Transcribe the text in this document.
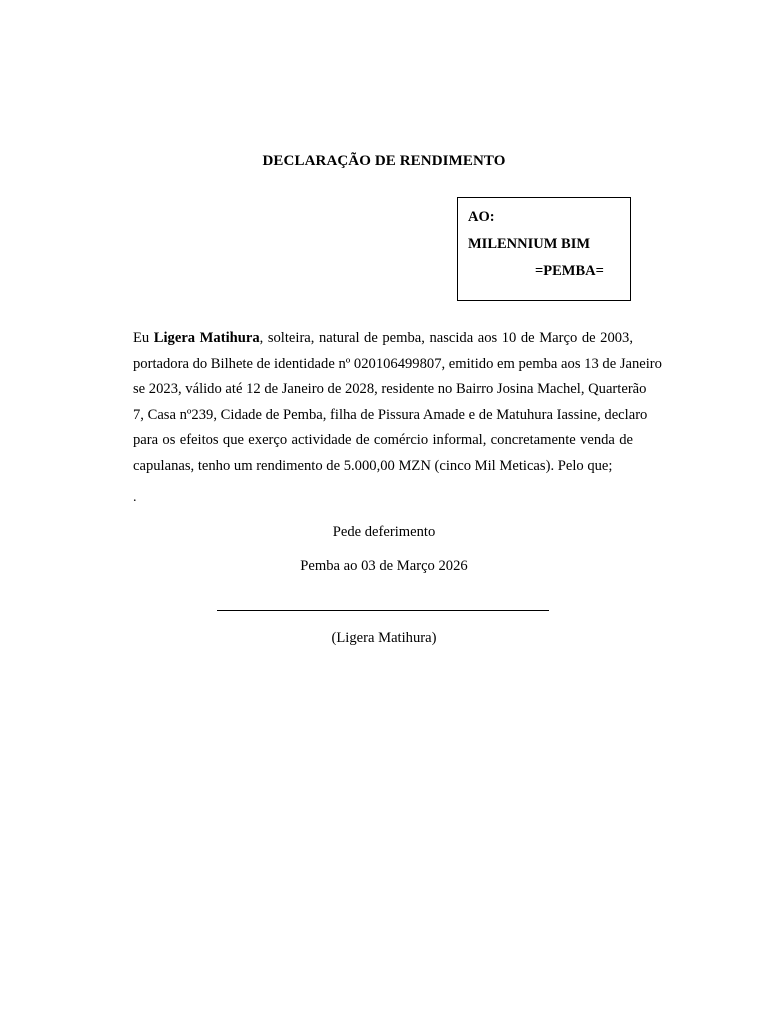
DECLARAÇÃO DE RENDIMENTO
AO:
MILENNIUM BIM
=PEMBA=
Eu Ligera Matihura, solteira, natural de pemba, nascida aos 10 de Março de 2003,
portadora do Bilhete de identidade nº 020106499807, emitido em pemba aos 13 de Janeiro
se 2023, válido até 12 de Janeiro de 2028, residente no Bairro Josina Machel, Quarterão
7, Casa nº239, Cidade de Pemba, filha de Pissura Amade e de Matuhura Iassine, declaro
para os efeitos que exerço actividade de comércio informal, concretamente venda de
capulanas, tenho um rendimento de 5.000,00 MZN (cinco Mil Meticas). Pelo que;
.
Pede deferimento
Pemba ao 03 de Março 2026
(Ligera Matihura)
